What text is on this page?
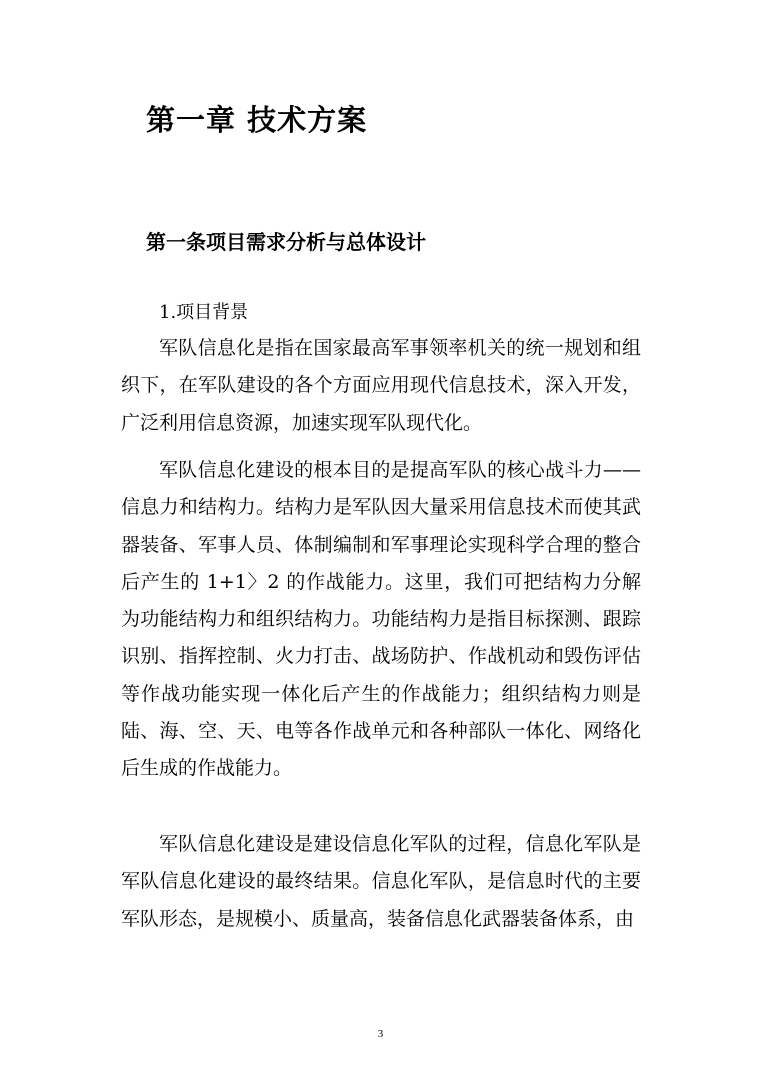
第一章 技术方案
第一条项目需求分析与总体设计
1.项目背景

军队信息化是指在国家最高军事领率机关的统一规划和组织下，在军队建设的各个方面应用现代信息技术，深入开发，广泛利用信息资源，加速实现军队现代化。

军队信息化建设的根本目的是提高军队的核心战斗力——信息力和结构力。结构力是军队因大量采用信息技术而使其武器装备、军事人员、体制编制和军事理论实现科学合理的整合后产生的 1+1〉2 的作战能力。这里，我们可把结构力分解为功能结构力和组织结构力。功能结构力是指目标探测、跟踪识别、指挥控制、火力打击、战场防护、作战机动和毁伤评估等作战功能实现一体化后产生的作战能力；组织结构力则是陆、海、空、天、电等各作战单元和各种部队一体化、网络化后生成的作战能力。

军队信息化建设是建设信息化军队的过程，信息化军队是军队信息化建设的最终结果。信息化军队，是信息时代的主要军队形态，是规模小、质量高，装备信息化武器装备体系，由

3
